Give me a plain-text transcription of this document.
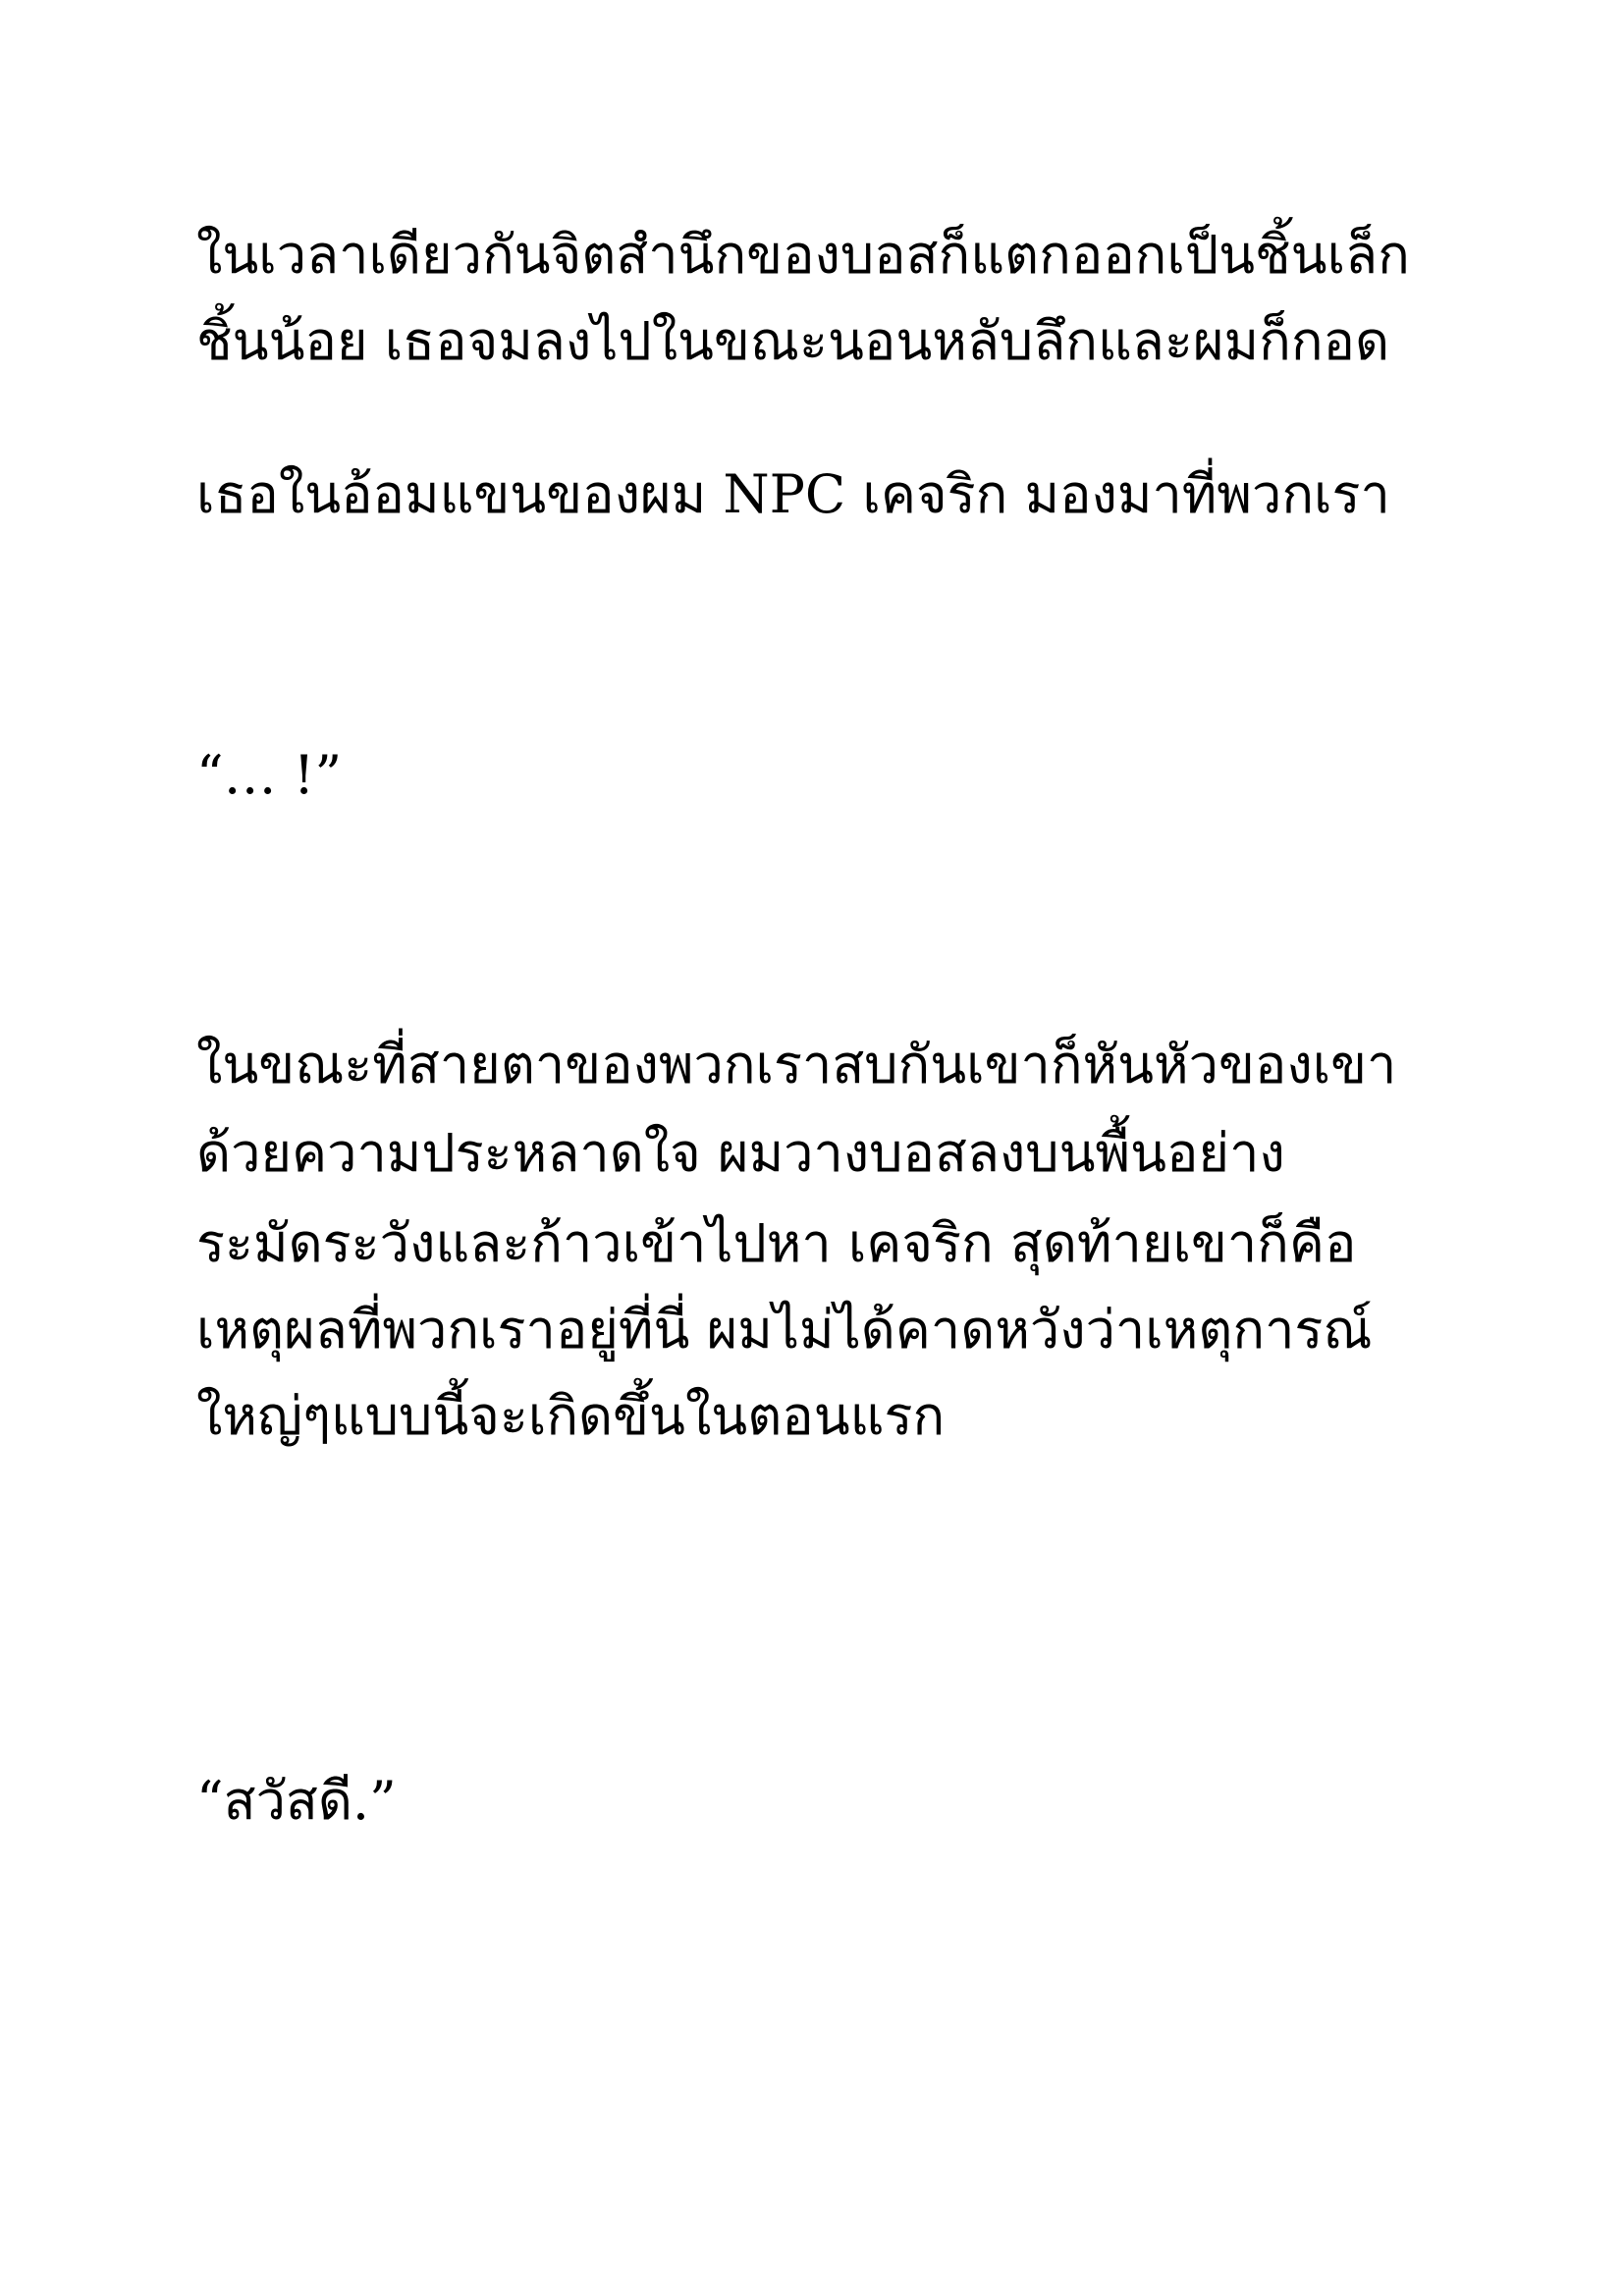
ในเวลาเดียวกันจิตสำนึกของบอสก็แตกออกเป็นชิ้นเล็ก
ชิ้นน้อย เธอจมลงไปในขณะนอนหลับลึกและผมก็กอด
เธอในอ้อมแขนของผม NPC เคจริก มองมาที่พวกเรา
“… !”
ในขณะที่สายตาของพวกเราสบกันเขาก็หันหัวของเขา
ด้วยความประหลาดใจ ผมวางบอสลงบนพื้นอย่าง
ระมัดระวังและก้าวเข้าไปหา เคจริก สุดท้ายเขาก็คือ
เหตุผลที่พวกเราอยู่ที่นี่ ผมไม่ได้คาดหวังว่าเหตุการณ์
ใหญ่ๆแบบนี้จะเกิดขึ้นในตอนแรก
“สวัสดี.”
